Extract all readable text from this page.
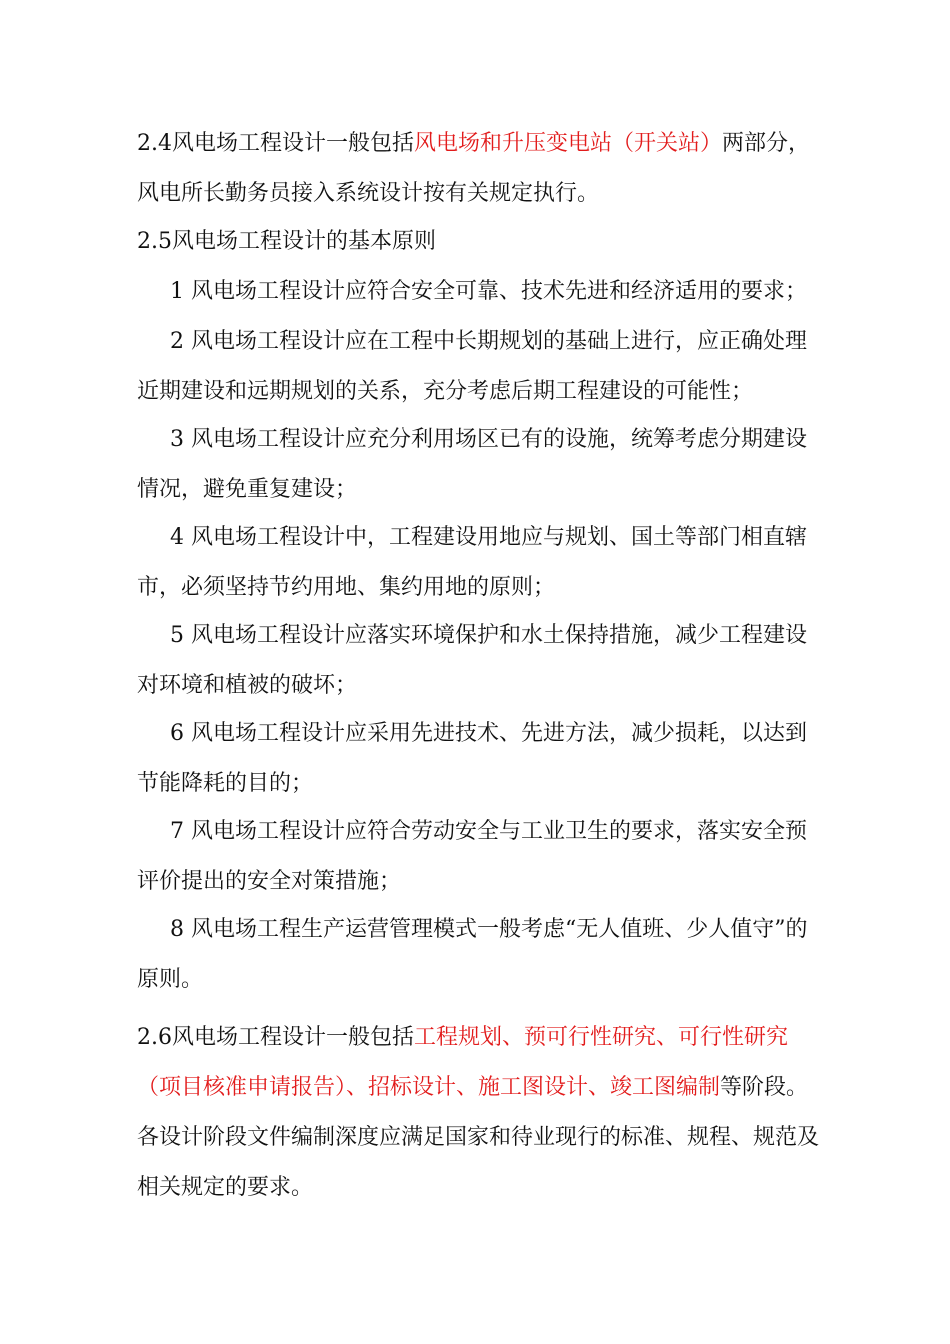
2.4风电场工程设计一般包括风电场和升压变电站（开关站）两部分，风电所长勤务员接入系统设计按有关规定执行。

2.5风电场工程设计的基本原则

1 风电场工程设计应符合安全可靠、技术先进和经济适用的要求；

2 风电场工程设计应在工程中长期规划的基础上进行，应正确处理近期建设和远期规划的关系，充分考虑后期工程建设的可能性；

3 风电场工程设计应充分利用场区已有的设施，统筹考虑分期建设情况，避免重复建设；

4 风电场工程设计中，工程建设用地应与规划、国土等部门相直辖市，必须坚持节约用地、集约用地的原则；

5 风电场工程设计应落实环境保护和水土保持措施，减少工程建设对环境和植被的破坏；

6 风电场工程设计应采用先进技术、先进方法，减少损耗，以达到节能降耗的目的；

7 风电场工程设计应符合劳动安全与工业卫生的要求，落实安全预评价提出的安全对策措施；

8 风电场工程生产运营管理模式一般考虑“无人值班、少人值守”的原则。

2.6风电场工程设计一般包括工程规划、预可行性研究、可行性研究（项目核准申请报告）、招标设计、施工图设计、竣工图编制等阶段。各设计阶段文件编制深度应满足国家和待业现行的标准、规程、规范及相关规定的要求。
